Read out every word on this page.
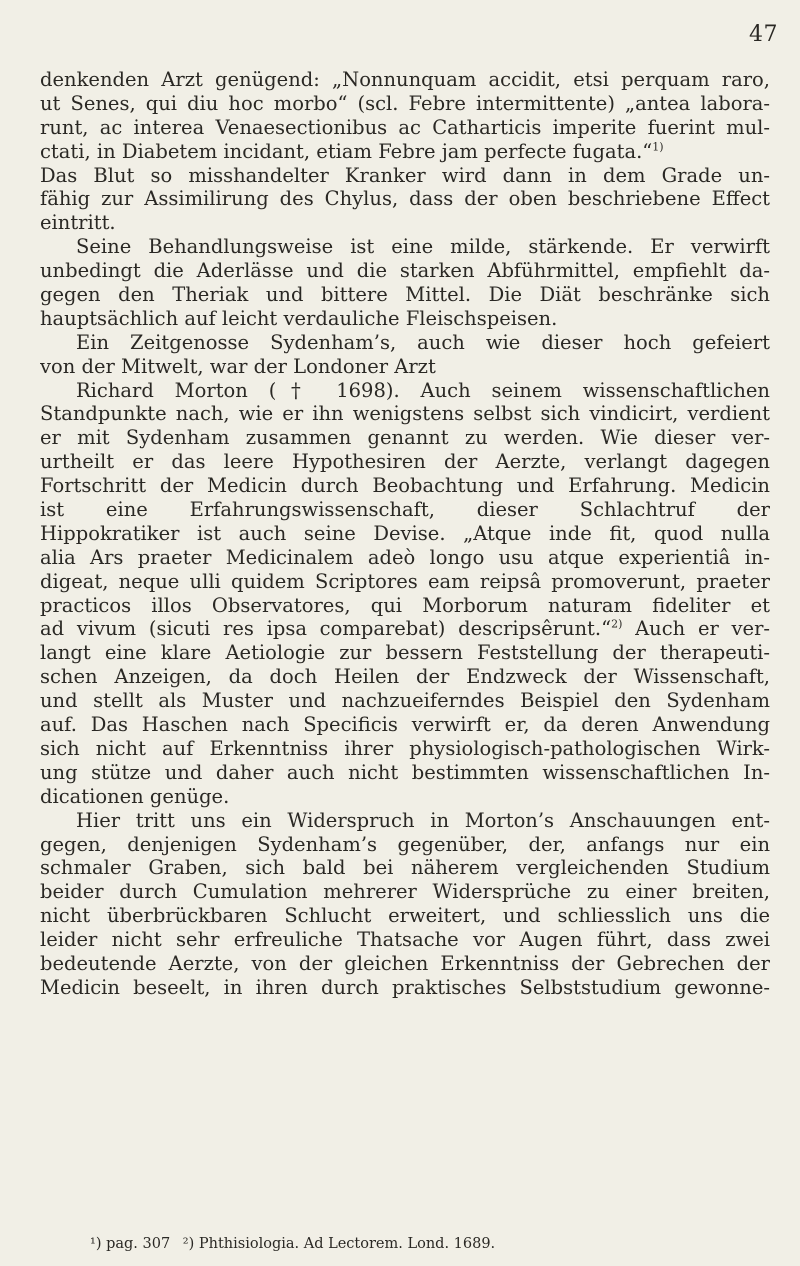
47
denkenden Arzt genügend: „Nonnunquam accidit, etsi perquam raro,
ut Senes, qui diu hoc morbo“ (scl. Febre intermittente) „antea labora-
runt, ac interea Venaesectionibus ac Catharticis imperite fuerint mul-
ctati, in Diabetem incidant, etiam Febre jam perfecte fugata.“$^{1)}$
Das Blut so misshandelter Kranker wird dann in dem Grade un-
fähig zur Assimilirung des Chylus, dass der oben beschriebene Effect
eintritt.
Seine Behandlungsweise ist eine milde, stärkende. Er verwirft
unbedingt die Aderlässe und die starken Abführmittel, empfiehlt da-
gegen den Theriak und bittere Mittel. Die Diät beschränke sich
hauptsächlich auf leicht verdauliche Fleischspeisen.
Ein Zeitgenosse Sydenham’s, auch wie dieser hoch gefeiert
von der Mitwelt, war der Londoner Arzt
Richard Morton († 1698). Auch seinem wissenschaftlichen
Standpunkte nach, wie er ihn wenigstens selbst sich vindicirt, verdient
er mit Sydenham zusammen genannt zu werden. Wie dieser ver-
urtheilt er das leere Hypothesiren der Aerzte, verlangt dagegen
Fortschritt der Medicin durch Beobachtung und Erfahrung. Medicin
ist eine Erfahrungswissenschaft, dieser Schlachtruf der
Hippokratiker ist auch seine Devise. „Atque inde fit, quod nulla
alia Ars praeter Medicinalem adeò longo usu atque experientiâ in-
digeat, neque ulli quidem Scriptores eam reipsâ promoverunt, praeter
practicos illos Observatores, qui Morborum naturam fideliter et
ad vivum (sicuti res ipsa comparebat) descripsêrunt.“$^{2)}$ Auch er ver-
langt eine klare Aetiologie zur bessern Feststellung der therapeuti-
schen Anzeigen, da doch Heilen der Endzweck der Wissenschaft,
und stellt als Muster und nachzueiferndes Beispiel den Sydenham
auf. Das Haschen nach Specificis verwirft er, da deren Anwendung
sich nicht auf Erkenntniss ihrer physiologisch-pathologischen Wirk-
ung stütze und daher auch nicht bestimmten wissenschaftlichen In-
dicationen genüge.
Hier tritt uns ein Widerspruch in Morton’s Anschauungen ent-
gegen, denjenigen Sydenham’s gegenüber, der, anfangs nur ein
schmaler Graben, sich bald bei näherem vergleichenden Studium
beider durch Cumulation mehrerer Widersprüche zu einer breiten,
nicht überbrückbaren Schlucht erweitert, und schliesslich uns die
leider nicht sehr erfreuliche Thatsache vor Augen führt, dass zwei
bedeutende Aerzte, von der gleichen Erkenntniss der Gebrechen der
Medicin beseelt, in ihren durch praktisches Selbststudium gewonne-
¹) pag. 307 ²) Phthisiologia. Ad Lectorem. Lond. 1689.
